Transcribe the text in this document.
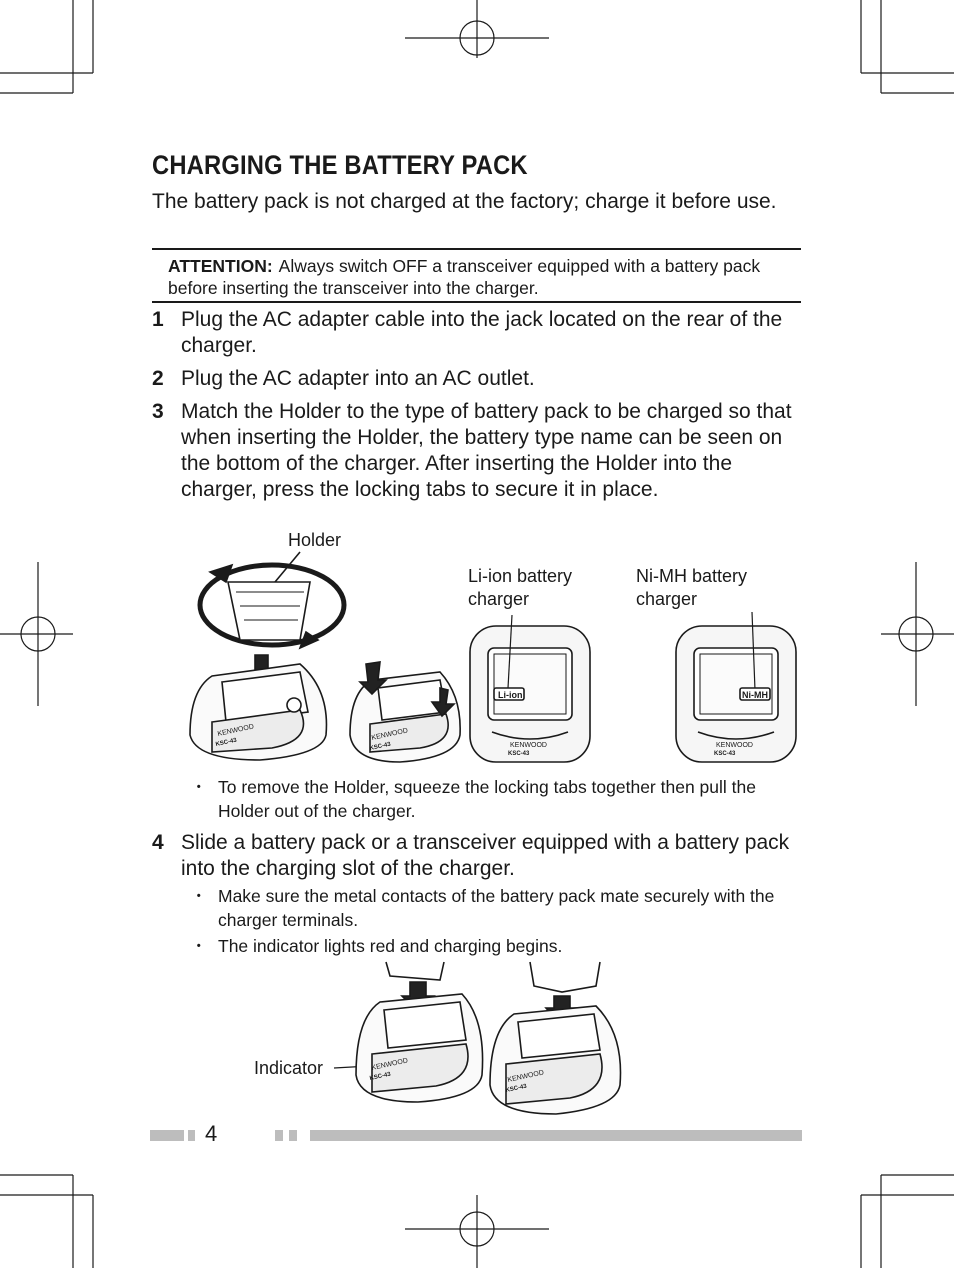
CHARGING THE BATTERY PACK
The battery pack is not charged at the factory; charge it before use.
ATTENTION: Always switch OFF a transceiver equipped with a battery pack before inserting the transceiver into the charger.
1 Plug the AC adapter cable into the jack located on the rear of the charger.
2 Plug the AC adapter into an AC outlet.
3 Match the Holder to the type of battery pack to be charged so that when inserting the Holder, the battery type name can be seen on the bottom of the charger. After inserting the Holder into the charger, press the locking tabs to secure it in place.
Holder
Li-ion battery
charger
Ni-MH battery
charger
KENWOOD
KSC-43
KENWOOD
KSC-43
Li-ion
KENWOOD
KSC-43
Ni-MH
KENWOOD
KSC-43
・ To remove the Holder, squeeze the locking tabs together then pull the Holder out of the charger.
4 Slide a battery pack or a transceiver equipped with a battery pack into the charging slot of the charger.
・ Make sure the metal contacts of the battery pack mate securely with the charger terminals.
・ The indicator lights red and charging begins.
Indicator	KENWOOD
KSC-43	KENWOOD
KSC-43
4
